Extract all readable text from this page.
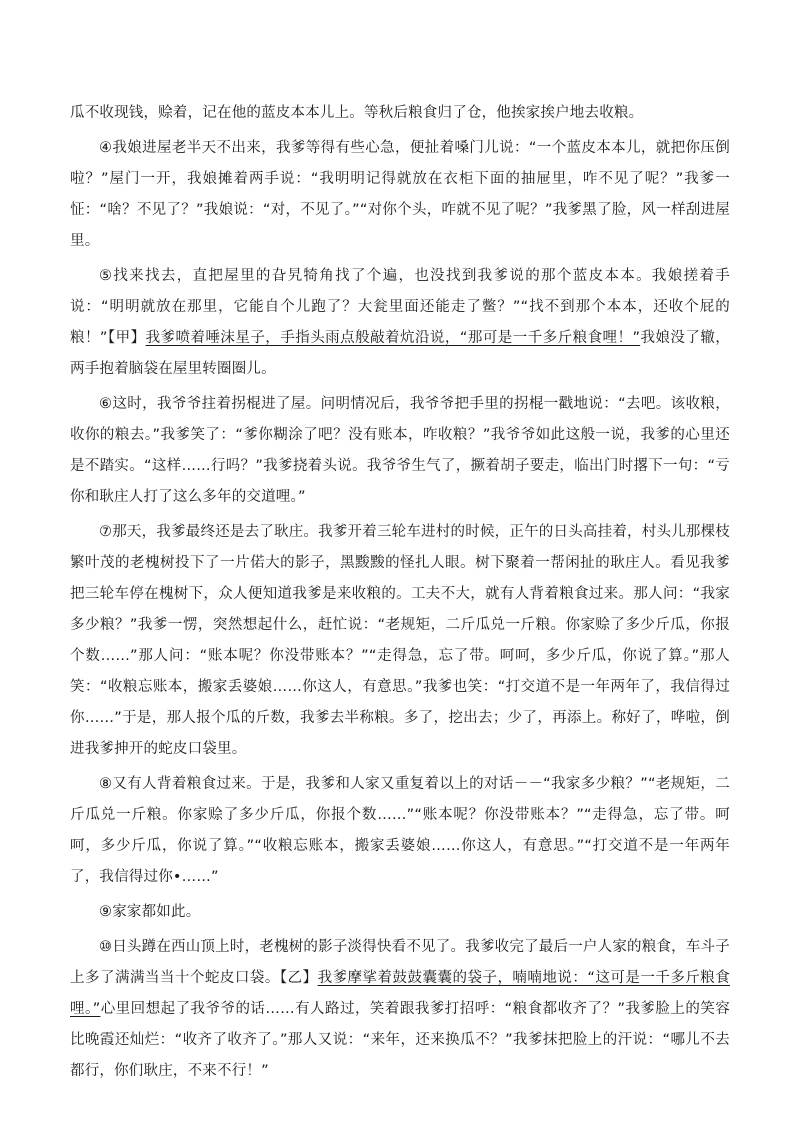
瓜不收现钱，赊着，记在他的蓝皮本本儿上。等秋后粮食归了仓，他挨家挨户地去收粮。

④我娘进屋老半天不出来，我爹等得有些心急，便扯着嗓门儿说：“一个蓝皮本本儿，就把你压倒啦？”屋门一开，我娘摊着两手说：“我明明记得就放在衣柜下面的抽屉里，咋不见了呢？”我爹一怔：“啥？不见了？”我娘说：“对，不见了。”“对你个头，咋就不见了呢？”我爹黑了脸，风一样刮进屋里。

⑤找来找去，直把屋里的旮旯犄角找了个遍，也没找到我爹说的那个蓝皮本本。我娘搓着手说：“明明就放在那里，它能自个儿跑了？大瓮里面还能走了鳖？”“找不到那个本本，还收个屁的粮！”【甲】我爹喷着唾沫星子，手指头雨点般敲着炕沿说，“那可是一千多斤粮食哩！”我娘没了辙，两手抱着脑袋在屋里转圈圈儿。

⑥这时，我爷爷拄着拐棍进了屋。问明情况后，我爷爷把手里的拐棍一戳地说：“去吧。该收粮，收你的粮去。”我爹笑了：“爹你糊涂了吧？没有账本，咋收粮？”我爷爷如此这般一说，我爹的心里还是不踏实。“这样……行吗？”我爹挠着头说。我爷爷生气了，撅着胡子要走，临出门时撂下一句：“亏你和耿庄人打了这么多年的交道哩。”

⑦那天，我爹最终还是去了耿庄。我爹开着三轮车进村的时候，正午的日头高挂着，村头儿那棵枝繁叶茂的老槐树投下了一片偌大的影子，黑黢黢的怪扎人眼。树下聚着一帮闲扯的耿庄人。看见我爹把三轮车停在槐树下，众人便知道我爹是来收粮的。工夫不大，就有人背着粮食过来。那人问：“我家多少粮？”我爹一愣，突然想起什么，赶忙说：“老规矩，二斤瓜兑一斤粮。你家赊了多少斤瓜，你报个数……”那人问：“账本呢？你没带账本？”“走得急，忘了带。呵呵，多少斤瓜，你说了算。”那人笑：“收粮忘账本，搬家丢婆娘……你这人，有意思。”我爹也笑：“打交道不是一年两年了，我信得过你……”于是，那人报个瓜的斤数，我爹去半称粮。多了，挖出去；少了，再添上。称好了，哗啦，倒进我爹抻开的蛇皮口袋里。

⑧又有人背着粮食过来。于是，我爹和人家又重复着以上的对话－－“我家多少粮？”“老规矩，二斤瓜兑一斤粮。你家赊了多少斤瓜，你报个数……”“账本呢？你没带账本？”“走得急，忘了带。呵呵，多少斤瓜，你说了算。”“收粮忘账本，搬家丢婆娘……你这人，有意思。”“打交道不是一年两年了，我信得过你•……”

⑨家家都如此。

⑩日头蹲在西山顶上时，老槐树的影子淡得快看不见了。我爹收完了最后一户人家的粮食，车斗子上多了满满当当十个蛇皮口袋。【乙】我爹摩挲着鼓鼓囊囊的袋子，喃喃地说：“这可是一千多斤粮食哩。”心里回想起了我爷爷的话……有人路过，笑着跟我爹打招呼：“粮食都收齐了？”我爹脸上的笑容比晚霞还灿烂：“收齐了收齐了。”那人又说：“来年，还来换瓜不？”我爹抹把脸上的汗说：“哪儿不去都行，你们耿庄，不来不行！”
